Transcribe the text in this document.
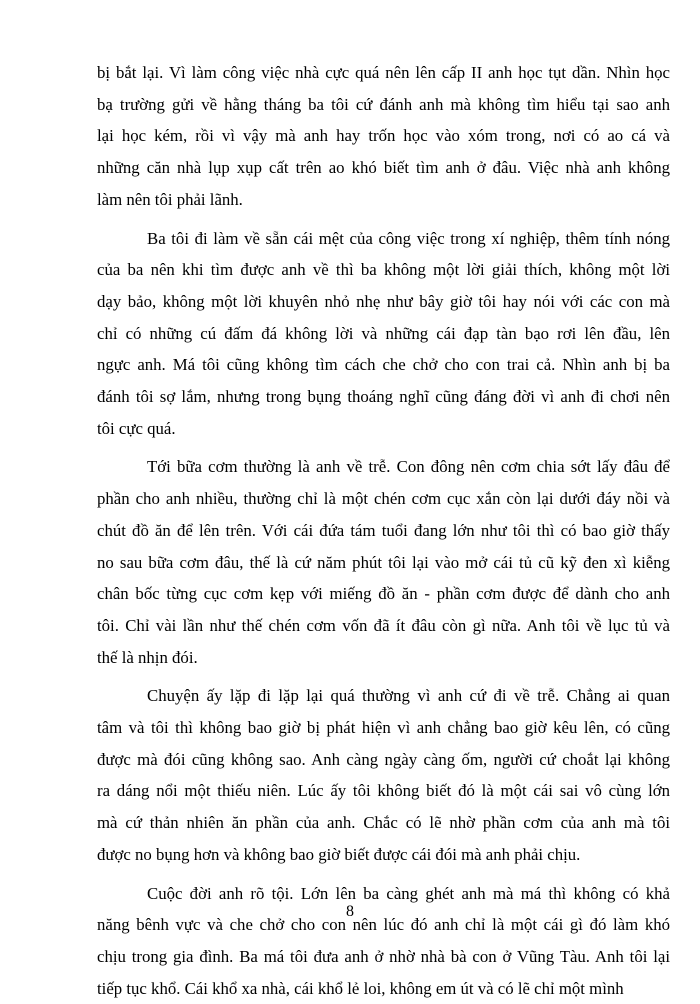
bị bắt lại. Vì làm công việc nhà cực quá nên lên cấp II anh học tụt dần. Nhìn học
bạ trường gửi về hằng tháng ba tôi cứ đánh anh mà không tìm hiểu tại sao anh
lại học kém, rồi vì vậy mà anh hay trốn học vào xóm trong, nơi có ao cá và
những căn nhà lụp xụp cất trên ao khó biết tìm anh ở đâu. Việc nhà anh không
làm nên tôi phải lãnh.
Ba tôi đi làm về sẵn cái mệt của công việc trong xí nghiệp, thêm tính nóng
của ba nên khi tìm được anh về thì ba không một lời giải thích, không một lời
dạy bảo, không một lời khuyên nhỏ nhẹ như bây giờ tôi hay nói với các con mà
chỉ có những cú đấm đá không lời và những cái đạp tàn bạo rơi lên đầu, lên
ngực anh. Má tôi cũng không tìm cách che chở cho con trai cả. Nhìn anh bị ba
đánh tôi sợ lắm, nhưng trong bụng thoáng nghĩ cũng đáng đời vì anh đi chơi nên
tôi cực quá.
Tới bữa cơm thường là anh về trễ. Con đông nên cơm chia sớt lấy đâu để
phần cho anh nhiều, thường chỉ là một chén cơm cục xắn còn lại dưới đáy nồi và
chút đồ ăn để lên trên. Với cái đứa tám tuổi đang lớn như tôi thì có bao giờ thấy
no sau bữa cơm đâu, thế là cứ năm phút tôi lại vào mở cái tủ cũ kỹ đen xì kiễng
chân bốc từng cục cơm kẹp với miếng đồ ăn - phần cơm được để dành cho anh
tôi. Chỉ vài lần như thế chén cơm vốn đã ít đâu còn gì nữa. Anh tôi về lục tủ và
thế là nhịn đói.
Chuyện ấy lặp đi lặp lại quá thường vì anh cứ đi về trễ. Chẳng ai quan
tâm và tôi thì không bao giờ bị phát hiện vì anh chẳng bao giờ kêu lên, có cũng
được mà đói cũng không sao. Anh càng ngày càng ốm, người cứ choắt lại không
ra dáng nổi một thiếu niên. Lúc ấy tôi không biết đó là một cái sai vô cùng lớn
mà cứ thản nhiên ăn phần của anh. Chắc có lẽ nhờ phần cơm của anh mà tôi
được no bụng hơn và không bao giờ biết được cái đói mà anh phải chịu.
Cuộc đời anh rõ tội. Lớn lên ba càng ghét anh mà má thì không có khả
năng bênh vực và che chở cho con nên lúc đó anh chỉ là một cái gì đó làm khó
chịu trong gia đình. Ba má tôi đưa anh ở nhờ nhà bà con ở Vũng Tàu. Anh tôi lại
tiếp tục khổ. Cái khổ xa nhà, cái khổ lẻ loi, không em út và có lẽ chỉ một mình
8
